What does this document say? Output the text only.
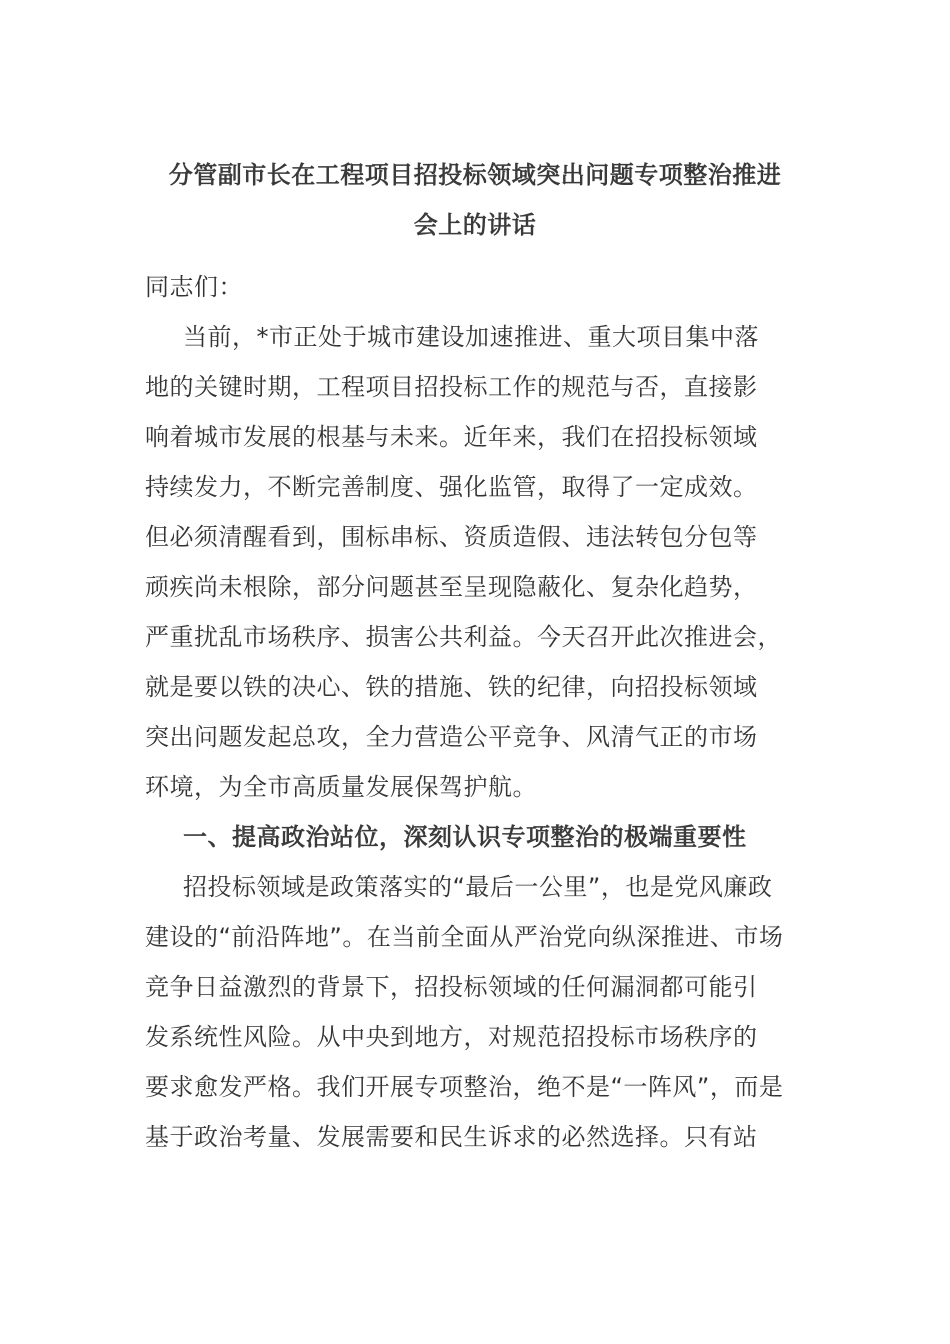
分管副市长在工程项目招投标领域突出问题专项整治推进
会上的讲话
同志们：
当前，*市正处于城市建设加速推进、重大项目集中落
地的关键时期，工程项目招投标工作的规范与否，直接影
响着城市发展的根基与未来。近年来，我们在招投标领域
持续发力，不断完善制度、强化监管，取得了一定成效。
但必须清醒看到，围标串标、资质造假、违法转包分包等
顽疾尚未根除，部分问题甚至呈现隐蔽化、复杂化趋势，
严重扰乱市场秩序、损害公共利益。今天召开此次推进会，
就是要以铁的决心、铁的措施、铁的纪律，向招投标领域
突出问题发起总攻，全力营造公平竞争、风清气正的市场
环境，为全市高质量发展保驾护航。
一、提高政治站位，深刻认识专项整治的极端重要性
招投标领域是政策落实的“最后一公里”，也是党风廉政
建设的“前沿阵地”。在当前全面从严治党向纵深推进、市场
竞争日益激烈的背景下，招投标领域的任何漏洞都可能引
发系统性风险。从中央到地方，对规范招投标市场秩序的
要求愈发严格。我们开展专项整治，绝不是“一阵风”，而是
基于政治考量、发展需要和民生诉求的必然选择。只有站
